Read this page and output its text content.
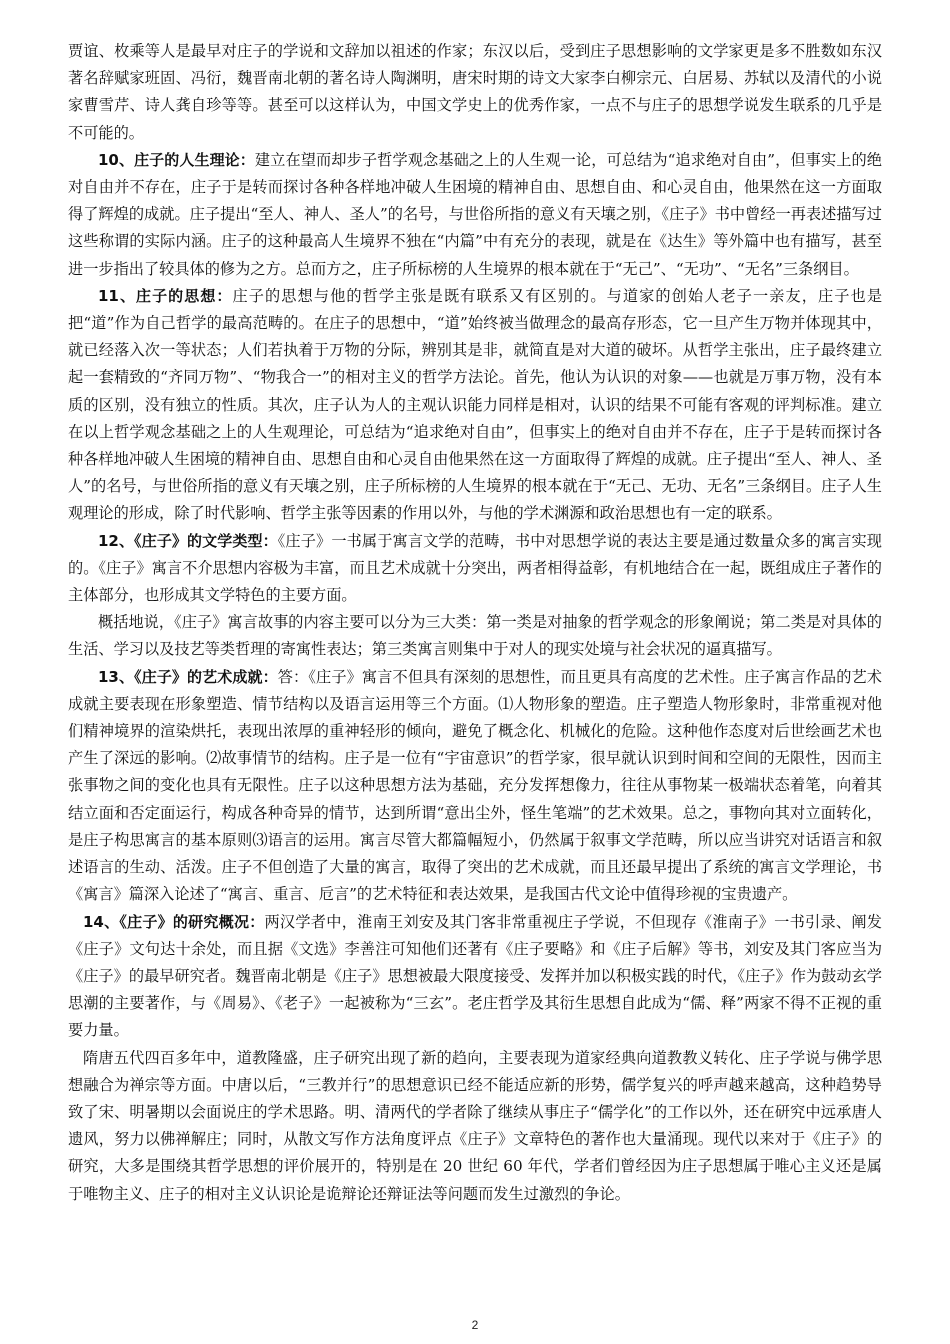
贾谊、枚乘等人是最早对庄子的学说和文辞加以祖述的作家；东汉以后，受到庄子思想影响的文学家更是多不胜数如东汉著名辞赋家班固、冯衍，魏晋南北朝的著名诗人陶渊明，唐宋时期的诗文大家李白柳宗元、白居易、苏轼以及清代的小说家曹雪芹、诗人龚自珍等等。甚至可以这样认为，中国文学史上的优秀作家，一点不与庄子的思想学说发生联系的几乎是不可能的。

10、庄子的人生理论：建立在望而却步子哲学观念基础之上的人生观一论，可总结为“追求绝对自由”，但事实上的绝对自由并不存在，庄子于是转而探讨各种各样地冲破人生困境的精神自由、思想自由、和心灵自由，他果然在这一方面取得了辉煌的成就。庄子提出“至人、神人、圣人”的名号，与世俗所指的意义有天壤之别，《庄子》书中曾经一再表述描写过这些称谓的实际内涵。庄子的这种最高人生境界不独在“内篇”中有充分的表现，就是在《达生》等外篇中也有描写，甚至进一步指出了较具体的修为之方。总而方之，庄子所标榜的人生境界的根本就在于“无己”、“无功”、“无名”三条纲目。

11、庄子的思想：庄子的思想与他的哲学主张是既有联系又有区别的。与道家的创始人老子一亲友，庄子也是把“道”作为自己哲学的最高范畴的。在庄子的思想中，“道”始终被当做理念的最高存形态，它一旦产生万物并体现其中，就已经落入次一等状态；人们若执着于万物的分际，辨别其是非，就简直是对大道的破坏。从哲学主张出，庄子最终建立起一套精致的“齐同万物”、“物我合一”的相对主义的哲学方法论。首先，他认为认识的对象——也就是万事万物，没有本质的区别，没有独立的性质。其次，庄子认为人的主观认识能力同样是相对，认识的结果不可能有客观的评判标准。建立在以上哲学观念基础之上的人生观理论，可总结为“追求绝对自由”，但事实上的绝对自由并不存在，庄子于是转而探讨各种各样地冲破人生困境的精神自由、思想自由和心灵自由他果然在这一方面取得了辉煌的成就。庄子提出“至人、神人、圣人”的名号，与世俗所指的意义有天壤之别，庄子所标榜的人生境界的根本就在于“无己、无功、无名”三条纲目。庄子人生观理论的形成，除了时代影响、哲学主张等因素的作用以外，与他的学术渊源和政治思想也有一定的联系。

12、《庄子》的文学类型：《庄子》一书属于寓言文学的范畴，书中对思想学说的表达主要是通过数量众多的寓言实现的。《庄子》寓言不介思想内容极为丰富，而且艺术成就十分突出，两者相得益彰，有机地结合在一起，既组成庄子著作的主体部分，也形成其文学特色的主要方面。

概括地说，《庄子》寓言故事的内容主要可以分为三大类：第一类是对抽象的哲学观念的形象阐说；第二类是对具体的生活、学习以及技艺等类哲理的寄寓性表达；第三类寓言则集中于对人的现实处境与社会状况的逼真描写。

13、《庄子》的艺术成就：答：《庄子》寓言不但具有深刻的思想性，而且更具有高度的艺术性。庄子寓言作品的艺术成就主要表现在形象塑造、情节结构以及语言运用等三个方面。⑴人物形象的塑造。庄子塑造人物形象时，非常重视对他们精神境界的渲染烘托，表现出浓厚的重神轻形的倾向，避免了概念化、机械化的危险。这种他作态度对后世绘画艺术也产生了深远的影响。⑵故事情节的结构。庄子是一位有“宇宙意识”的哲学家，很早就认识到时间和空间的无限性，因而主张事物之间的变化也具有无限性。庄子以这种思想方法为基础，充分发挥想像力，往往从事物某一极端状态着笔，向着其结立面和否定面运行，构成各种奇异的情节，达到所谓“意出尘外，怪生笔端”的艺术效果。总之，事物向其对立面转化，是庄子构思寓言的基本原则⑶语言的运用。寓言尽管大都篇幅短小，仍然属于叙事文学范畴，所以应当讲究对话语言和叙述语言的生动、活泼。庄子不但创造了大量的寓言，取得了突出的艺术成就，而且还最早提出了系统的寓言文学理论，书《寓言》篇深入论述了“寓言、重言、卮言”的艺术特征和表达效果，是我国古代文论中值得珍视的宝贵遗产。

14、《庄子》的研究概况：两汉学者中，淮南王刘安及其门客非常重视庄子学说，不但现存《淮南子》一书引录、阐发《庄子》文句达十余处，而且据《文选》李善注可知他们还著有《庄子要略》和《庄子后解》等书，刘安及其门客应当为《庄子》的最早研究者。魏晋南北朝是《庄子》思想被最大限度接受、发挥并加以积极实践的时代，《庄子》作为鼓动玄学思潮的主要著作，与《周易》、《老子》一起被称为“三玄”。老庄哲学及其衍生思想自此成为“儒、释”两家不得不正视的重要力量。

隋唐五代四百多年中，道教隆盛，庄子研究出现了新的趋向，主要表现为道家经典向道教教义转化、庄子学说与佛学思想融合为禅宗等方面。中唐以后，“三教并行”的思想意识已经不能适应新的形势，儒学复兴的呼声越来越高，这种趋势导致了宋、明暑期以会面说庄的学术思路。明、清两代的学者除了继续从事庄子“儒学化”的工作以外，还在研究中远承唐人遗风，努力以佛禅解庄；同时，从散文写作方法角度评点《庄子》文章特色的著作也大量涌现。现代以来对于《庄子》的研究，大多是围绕其哲学思想的评价展开的，特别是在 20 世纪 60 年代，学者们曾经因为庄子思想属于唯心主义还是属于唯物主义、庄子的相对主义认识论是诡辩论还辩证法等问题而发生过激烈的争论。

2
